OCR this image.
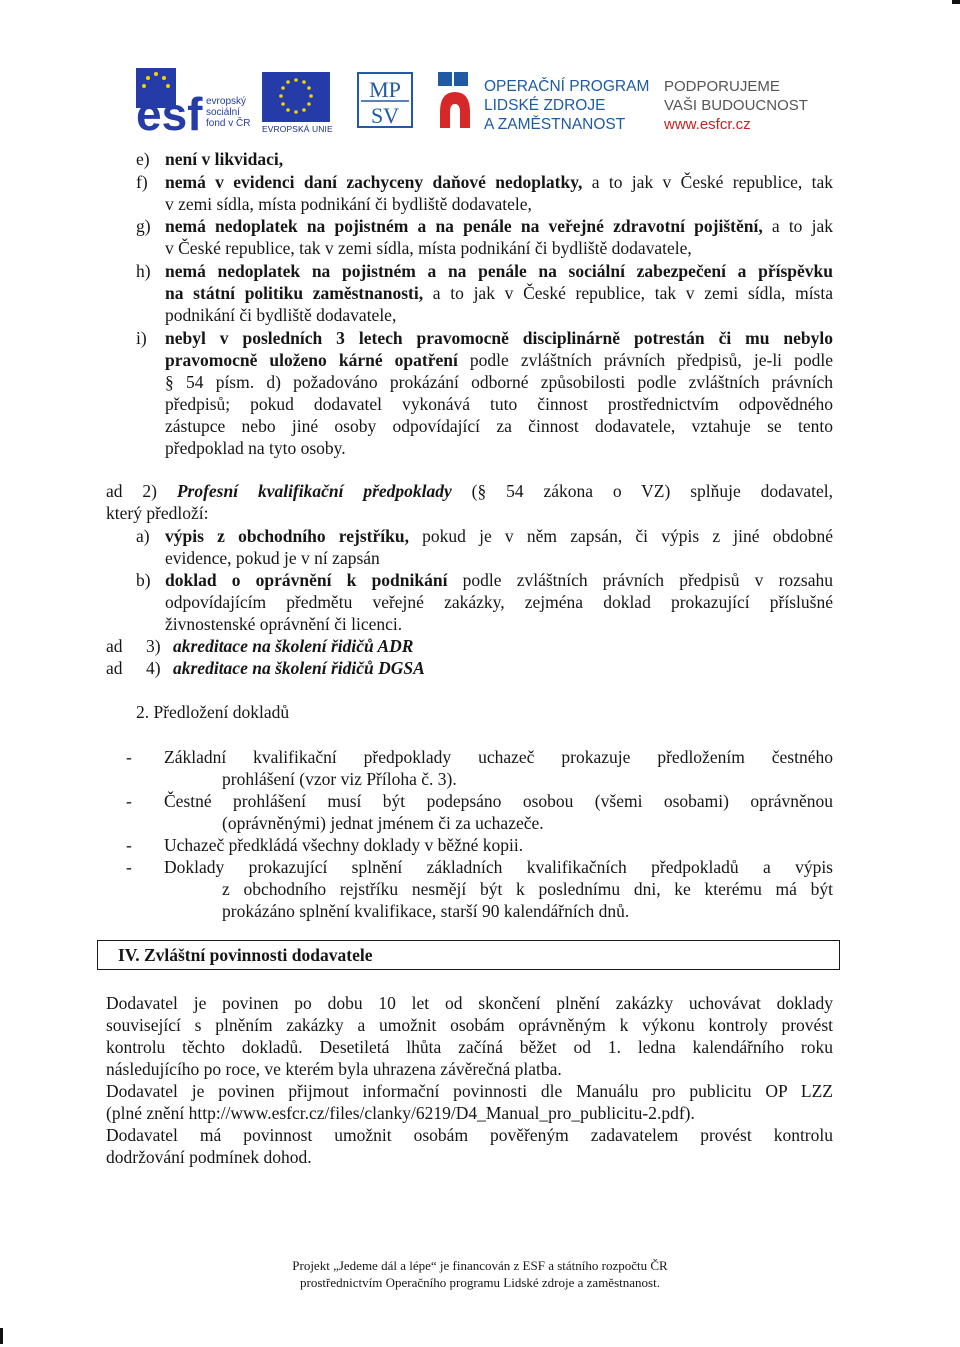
esf evropský
sociální
fond v ČR EVROPSKÁ UNIE
MP
SV
OPERAČNÍ PROGRAM
LIDSKÉ ZDROJE
A ZAMĚSTNANOST
PODPORUJEME
VAŠI BUDOUCNOST
www.esfcr.cz
e) není v likvidaci,
f) nemá v evidenci daní zachyceny daňové nedoplatky, a to jak v České republice, tak
v zemi sídla, místa podnikání či bydliště dodavatele,
g) nemá nedoplatek na pojistném a na penále na veřejné zdravotní pojištění, a to jak
v České republice, tak v zemi sídla, místa podnikání či bydliště dodavatele,
h) nemá nedoplatek na pojistném a na penále na sociální zabezpečení a příspěvku
na státní politiku zaměstnanosti, a to jak v České republice, tak v zemi sídla, místa
podnikání či bydliště dodavatele,
i) nebyl v posledních 3 letech pravomocně disciplinárně potrestán či mu nebylo
pravomocně uloženo kárné opatření podle zvláštních právních předpisů, je-li podle
§ 54 písm. d) požadováno prokázání odborné způsobilosti podle zvláštních právních
předpisů; pokud dodavatel vykonává tuto činnost prostřednictvím odpovědného
zástupce nebo jiné osoby odpovídající za činnost dodavatele, vztahuje se tento
předpoklad na tyto osoby.
ad 2) Profesní kvalifikační předpoklady (§ 54 zákona o VZ) splňuje dodavatel,
který předloží:
a) výpis z obchodního rejstříku, pokud je v něm zapsán, či výpis z jiné obdobné
evidence, pokud je v ní zapsán
b) doklad o oprávnění k podnikání podle zvláštních právních předpisů v rozsahu
odpovídajícím předmětu veřejné zakázky, zejména doklad prokazující příslušné
živnostenské oprávnění či licenci.
ad 3) akreditace na školení řidičů ADR
ad 4) akreditace na školení řidičů DGSA
2. Předložení dokladů
- Základní kvalifikační předpoklady uchazeč prokazuje předložením čestného
prohlášení (vzor viz Příloha č. 3).
- Čestné prohlášení musí být podepsáno osobou (všemi osobami) oprávněnou
(oprávněnými) jednat jménem či za uchazeče.
- Uchazeč předkládá všechny doklady v běžné kopii.
- Doklady prokazující splnění základních kvalifikačních předpokladů a výpis
z obchodního rejstříku nesmějí být k poslednímu dni, ke kterému má být
prokázáno splnění kvalifikace, starší 90 kalendářních dnů.
IV. Zvláštní povinnosti dodavatele
Dodavatel je povinen po dobu 10 let od skončení plnění zakázky uchovávat doklady
související s plněním zakázky a umožnit osobám oprávněným k výkonu kontroly provést
kontrolu těchto dokladů. Desetiletá lhůta začíná běžet od 1. ledna kalendářního roku
následujícího po roce, ve kterém byla uhrazena závěrečná platba.
Dodavatel je povinen přijmout informační povinnosti dle Manuálu pro publicitu OP LZZ
(plné znění http://www.esfcr.cz/files/clanky/6219/D4_Manual_pro_publicitu-2.pdf).
Dodavatel má povinnost umožnit osobám pověřeným zadavatelem provést kontrolu
dodržování podmínek dohod.
Projekt „Jedeme dál a lépe“ je financován z ESF a státního rozpočtu ČR
prostřednictvím Operačního programu Lidské zdroje a zaměstnanost.
